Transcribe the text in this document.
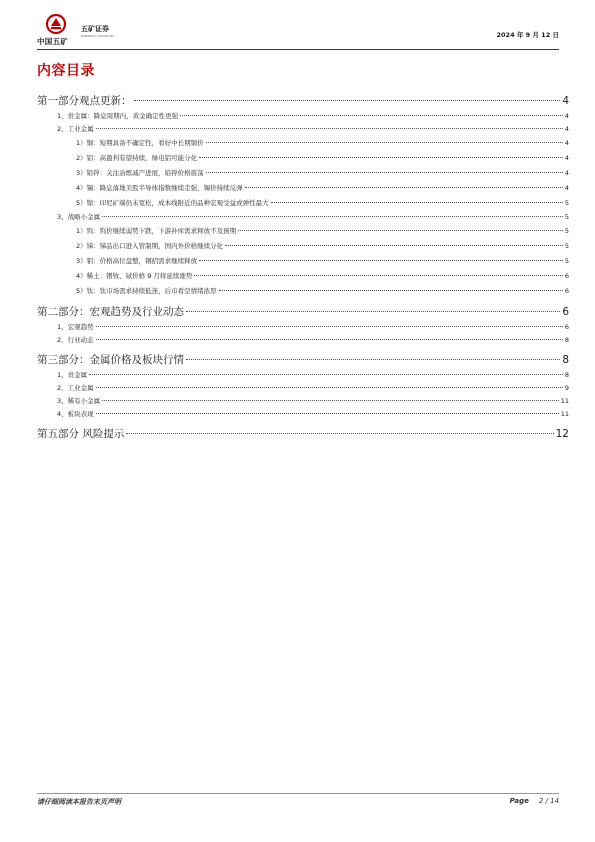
中国五矿
五矿证券
MINMETALS SECURITIES	2024 年 9 月 12 日
内容目录
第一部分观点更新：	4
1、贵金属：降息周期内，黄金确定性更强	4
2、工业金属	4
1）铜：短期具备不确定性，看好中长期铜价	4
2）铝：高盈利有望持续，绿电铝可能分化	4
3）铅锌：关注冶炼减产进展，铅锌价格震荡	4
4）锡：降息落地美股半导体指数继续走强，锡价持续反弹	4
5）镍：印尼矿端仍未宽松，成本线附近的品种宏观受益或弹性最大	5
3、战略小金属	5
1）钨：钨价继续弱势下跌，下游补库需求释放不及预期	5
2）锑：锑品出口进入管制期，国内外价格继续分化	5
3）钼：价格高位盘整，钢招需求继续释放	5
4）稀土：镨钕、铽价格 9 月将延续涨势	6
5）钛：钛市场需求持续低迷，后市看空情绪浓厚	6
第二部分：宏观趋势及行业动态	6
1、宏观趋势	6
2、行业动态	8
第三部分：金属价格及板块行情	8
1、贵金属	8
2、工业金属	9
3、稀有小金属	11
4、板块表现	11
第五部分 风险提示	12
请仔细阅读本报告末页声明	Page 2 / 14
